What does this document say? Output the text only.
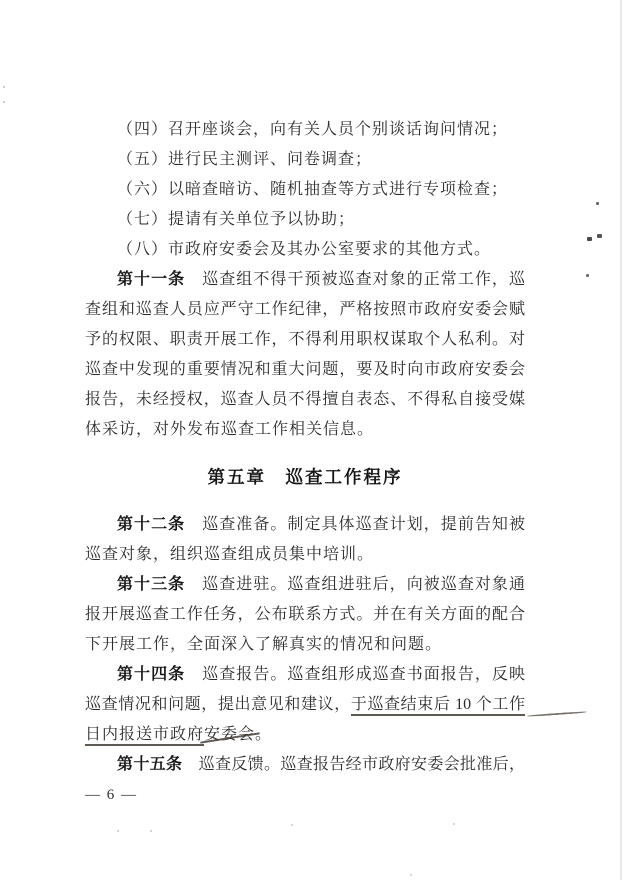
（四）召开座谈会，向有关人员个别谈话询问情况；
（五）进行民主测评、问卷调查；
（六）以暗查暗访、随机抽查等方式进行专项检查；
（七）提请有关单位予以协助；
（八）市政府安委会及其办公室要求的其他方式。
第十一条　巡查组不得干预被巡查对象的正常工作，巡
查组和巡查人员应严守工作纪律，严格按照市政府安委会赋
予的权限、职责开展工作，不得利用职权谋取个人私利。对
巡查中发现的重要情况和重大问题，要及时向市政府安委会
报告，未经授权，巡查人员不得擅自表态、不得私自接受媒
体采访，对外发布巡查工作相关信息。
第五章　巡查工作程序
第十二条　巡查准备。制定具体巡查计划，提前告知被
巡查对象，组织巡查组成员集中培训。
第十三条　巡查进驻。巡查组进驻后，向被巡查对象通
报开展巡查工作任务，公布联系方式。并在有关方面的配合
下开展工作，全面深入了解真实的情况和问题。
第十四条　巡查报告。巡查组形成巡查书面报告，反映
巡查情况和问题，提出意见和建议，于巡查结束后 10 个工作
日内报送市政府安委会。
第十五条　巡查反馈。巡查报告经市政府安委会批准后，
— 6 —
